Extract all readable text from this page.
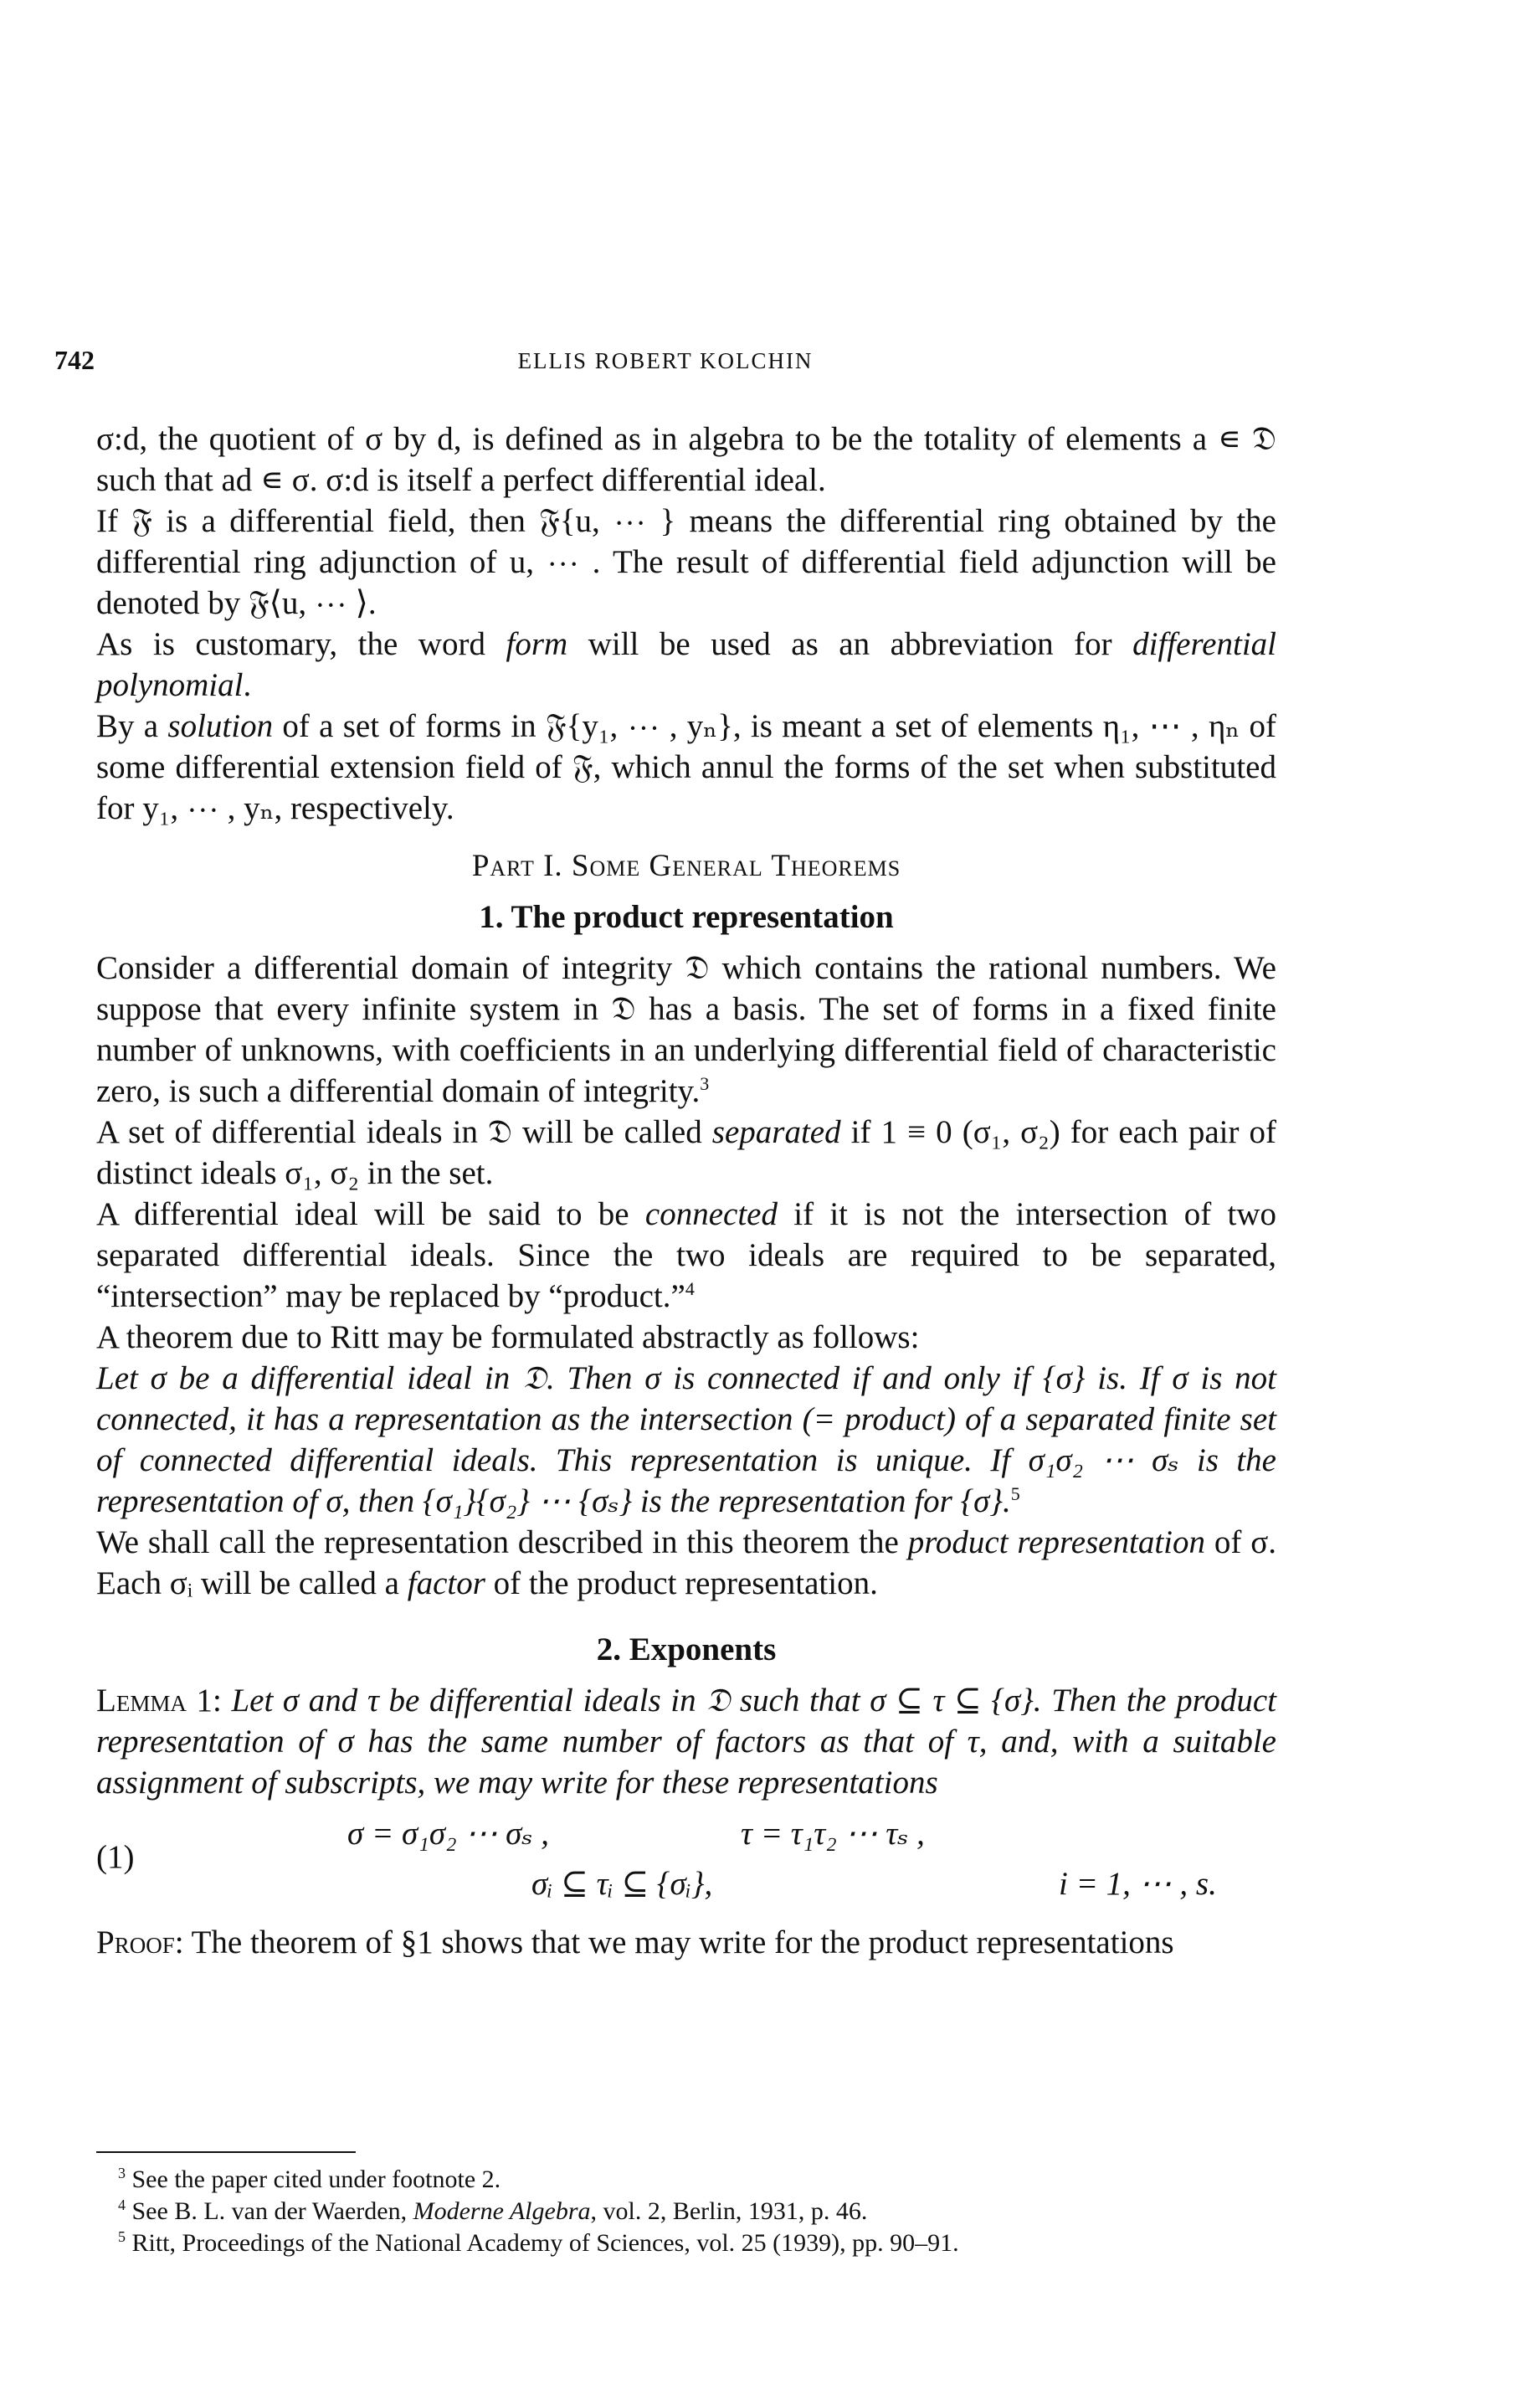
742	ELLIS ROBERT KOLCHIN

σ:d, the quotient of σ by d, is defined as in algebra to be the totality of elements a ∊ 𝔇 such that ad ∊ σ. σ:d is itself a perfect differential ideal.

If 𝔉 is a differential field, then 𝔉{u, ⋯ } means the differential ring obtained by the differential ring adjunction of u, ⋯ . The result of differential field adjunction will be denoted by 𝔉⟨u, ⋯ ⟩.

As is customary, the word form will be used as an abbreviation for differential polynomial.

By a solution of a set of forms in 𝔉{y₁, ⋯ , yₙ}, is meant a set of elements η₁, ⋯ , ηₙ of some differential extension field of 𝔉, which annul the forms of the set when substituted for y₁, ⋯ , yₙ, respectively.

Part I. Some General Theorems
1. The product representation

Consider a differential domain of integrity 𝔇 which contains the rational numbers. We suppose that every infinite system in 𝔇 has a basis. The set of forms in a fixed finite number of unknowns, with coefficients in an underlying differential field of characteristic zero, is such a differential domain of integrity.$^3$

A set of differential ideals in 𝔇 will be called separated if 1 ≡ 0 (σ₁, σ₂) for each pair of distinct ideals σ₁, σ₂ in the set.

A differential ideal will be said to be connected if it is not the intersection of two separated differential ideals. Since the two ideals are required to be separated, “intersection” may be replaced by “product.”$^4$

A theorem due to Ritt may be formulated abstractly as follows:

Let σ be a differential ideal in 𝔇. Then σ is connected if and only if {σ} is. If σ is not connected, it has a representation as the intersection (= product) of a separated finite set of connected differential ideals. This representation is unique. If σ₁σ₂ ⋯ σₛ is the representation of σ, then {σ₁}{σ₂} ⋯ {σₛ} is the representation for {σ}.$^5$

We shall call the representation described in this theorem the product representation of σ. Each σᵢ will be called a factor of the product representation.

2. Exponents

Lemma 1: Let σ and τ be differential ideals in 𝔇 such that σ ⊆ τ ⊆ {σ}. Then the product representation of σ has the same number of factors as that of τ, and, with a suitable assignment of subscripts, we may write for these representations

(1)
σ = σ₁σ₂ ⋯ σₛ ,	τ = τ₁τ₂ ⋯ τₛ ,
σᵢ ⊆ τᵢ ⊆ {σᵢ},	i = 1, ⋯ , s.

Proof: The theorem of §1 shows that we may write for the product representations

$^3$ See the paper cited under footnote 2.
$^4$ See B. L. van der Waerden, Moderne Algebra, vol. 2, Berlin, 1931, p. 46.
$^5$ Ritt, Proceedings of the National Academy of Sciences, vol. 25 (1939), pp. 90–91.
